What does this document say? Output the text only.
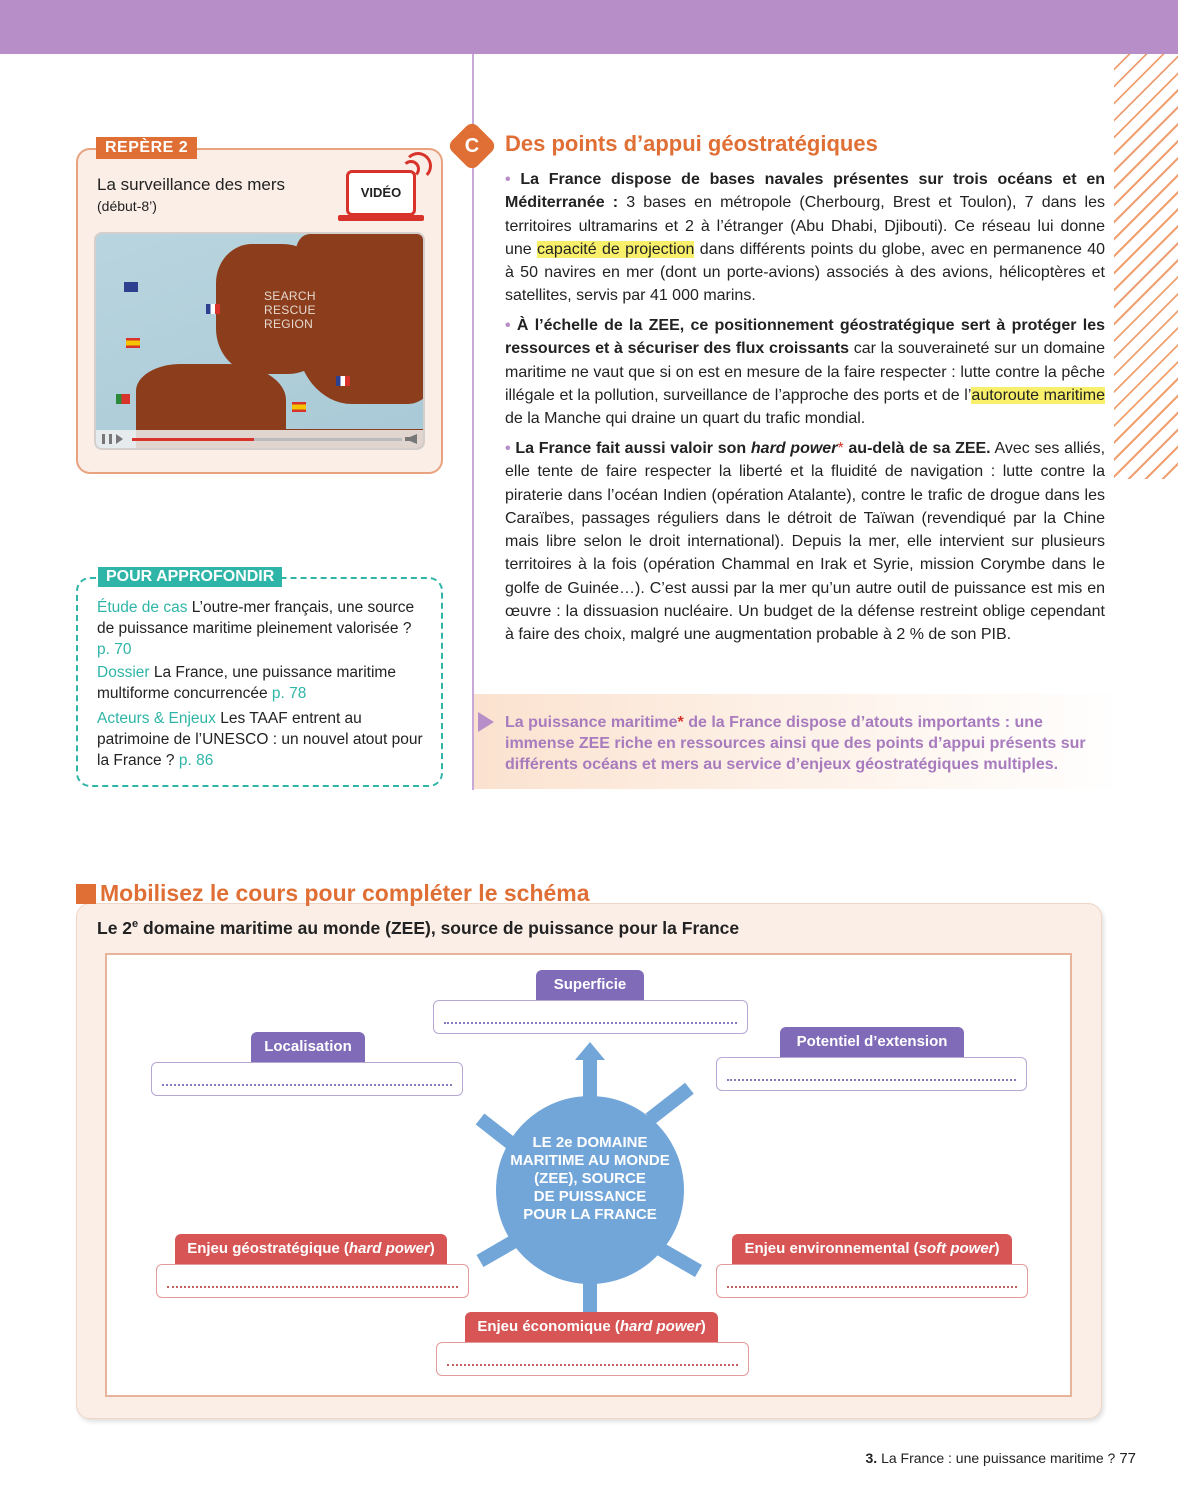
REPÈRE 2
La surveillance des mers
(début-8’)
VIDÉO
SEARCH
RESCUE
REGION
C	Des points d’appui géostratégiques
• La France dispose de bases navales présentes sur trois océans et en Méditerranée : 3 bases en métropole (Cherbourg, Brest et Toulon), 7 dans les territoires ultramarins et 2 à l’étranger (Abu Dhabi, Djibouti). Ce réseau lui donne une capacité de projection dans différents points du globe, avec en permanence 40 à 50 navires en mer (dont un porte-avions) associés à des avions, hélicoptères et satellites, servis par 41 000 marins.
• À l’échelle de la ZEE, ce positionnement géostratégique sert à protéger les ressources et à sécuriser des flux croissants car la souveraineté sur un domaine maritime ne vaut que si on est en mesure de la faire respecter : lutte contre la pêche illégale et la pollution, surveillance de l’approche des ports et de l’autoroute maritime de la Manche qui draine un quart du trafic mondial.
• La France fait aussi valoir son hard power* au-delà de sa ZEE. Avec ses alliés, elle tente de faire respecter la liberté et la fluidité de navigation : lutte contre la piraterie dans l’océan Indien (opération Atalante), contre le trafic de drogue dans les Caraïbes, passages réguliers dans le détroit de Taïwan (revendiqué par la Chine mais libre selon le droit international). Depuis la mer, elle intervient sur plusieurs territoires à la fois (opération Chammal en Irak et Syrie, mission Corymbe dans le golfe de Guinée…). C’est aussi par la mer qu’un autre outil de puissance est mis en œuvre : la dissuasion nucléaire. Un budget de la défense restreint oblige cependant à faire des choix, malgré une augmentation probable à 2 % de son PIB.
La puissance maritime* de la France dispose d’atouts importants : une immense ZEE riche en ressources ainsi que des points d’appui présents sur différents océans et mers au service d’enjeux géostratégiques multiples.
POUR APPROFONDIR
Étude de cas L’outre-mer français, une source de puissance maritime pleinement valorisée ? p. 70
Dossier La France, une puissance maritime multiforme concurrencée p. 78
Acteurs & Enjeux Les TAAF entrent au patrimoine de l’UNESCO : un nouvel atout pour la France ? p. 86
Mobilisez le cours pour compléter le schéma
Le 2e domaine maritime au monde (ZEE), source de puissance pour la France
LE 2e DOMAINE
MARITIME AU MONDE
(ZEE), SOURCE
DE PUISSANCE
POUR LA FRANCE
Superficie
Localisation	Potentiel d’extension
Enjeu géostratégique (hard power)	Enjeu environnemental (soft power)
Enjeu économique (hard power)
3. La France : une puissance maritime ? 77
